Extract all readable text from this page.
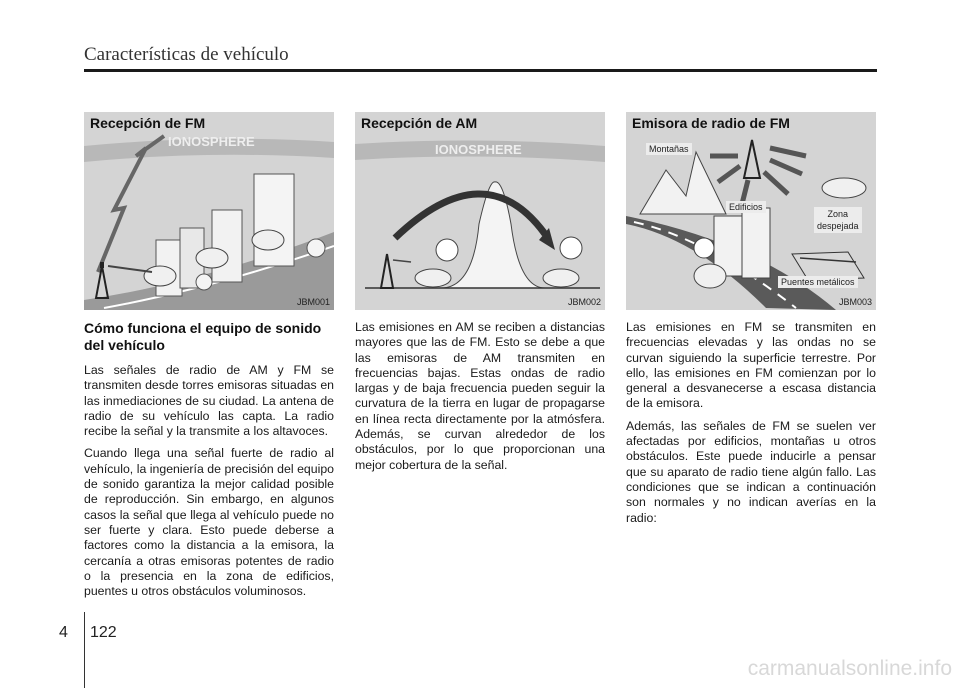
Características de vehículo
Recepción de FM
IONOSPHERE
JBM001
Cómo funciona el equipo de sonido del vehículo

Las señales de radio de AM y FM se transmiten desde torres emisoras situadas en las inmediaciones de su ciudad. La antena de radio de su vehículo las capta. La radio recibe la señal y la transmite a los altavoces.

Cuando llega una señal fuerte de radio al vehículo, la ingeniería de precisión del equipo de sonido garantiza la mejor calidad posible de reproducción. Sin embargo, en algunos casos la señal que llega al vehículo puede no ser fuerte y clara. Esto puede deberse a factores como la distancia a la emisora, la cercanía a otras emisoras potentes de radio o la presencia en la zona de edificios, puentes u otros obstáculos voluminosos.

Recepción de AM
IONOSPHERE
JBM002

Las emisiones en AM se reciben a distancias mayores que las de FM. Esto se debe a que las emisoras de AM transmiten en frecuencias bajas. Estas ondas de radio largas y de baja frecuencia pueden seguir la curvatura de la tierra en lugar de propagarse en línea recta directamente por la atmósfera. Además, se curvan alrededor de los obstáculos, por lo que proporcionan una mejor cobertura de la señal.

Emisora de radio de FM
Montañas
Edificios
Zona
despejada
Puentes metálicos
JBM003

Las emisiones en FM se transmiten en frecuencias elevadas y las ondas no se curvan siguiendo la superficie terrestre. Por ello, las emisiones en FM comienzan por lo general a desvanecerse a escasa distancia de la emisora.

Además, las señales de FM se suelen ver afectadas por edificios, montañas u otros obstáculos. Este puede inducirle a pensar que su aparato de radio tiene algún fallo. Las condiciones que se indican a continuación son normales y no indican averías en la radio:

4 122
carmanualsonline.info
